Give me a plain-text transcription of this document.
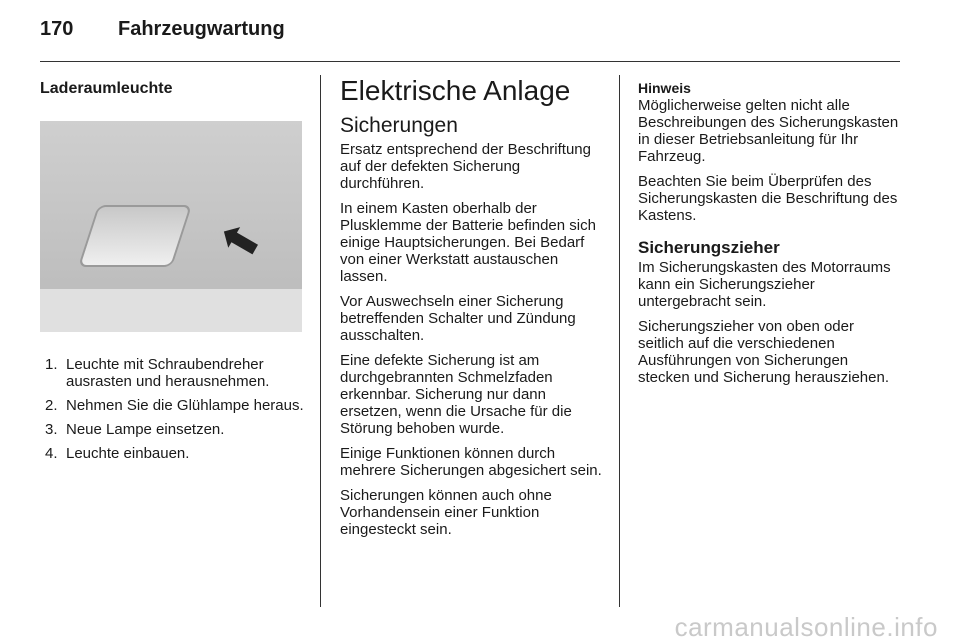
170 Fahrzeugwartung
Laderaumleuchte
⬅
1. Leuchte mit Schraubendreher ausrasten und herausnehmen.
2. Nehmen Sie die Glühlampe heraus.
3. Neue Lampe einsetzen.
4. Leuchte einbauen.
Elektrische Anlage
Sicherungen

Ersatz entsprechend der Beschriftung auf der defekten Sicherung durchführen.

In einem Kasten oberhalb der Plusklemme der Batterie befinden sich einige Hauptsicherungen. Bei Bedarf von einer Werkstatt austauschen lassen.

Vor Auswechseln einer Sicherung betreffenden Schalter und Zündung ausschalten.

Eine defekte Sicherung ist am durchgebrannten Schmelzfaden erkennbar. Sicherung nur dann ersetzen, wenn die Ursache für die Störung behoben wurde.

Einige Funktionen können durch mehrere Sicherungen abgesichert sein.

Sicherungen können auch ohne Vorhandensein einer Funktion eingesteckt sein.

Hinweis

Möglicherweise gelten nicht alle Beschreibungen des Sicherungskasten in dieser Betriebsanleitung für Ihr Fahrzeug.

Beachten Sie beim Überprüfen des Sicherungskasten die Beschriftung des Kastens.

Sicherungszieher

Im Sicherungskasten des Motorraums kann ein Sicherungszieher untergebracht sein.

Sicherungszieher von oben oder seitlich auf die verschiedenen Ausführungen von Sicherungen stecken und Sicherung herausziehen.

carmanualsonline.info
